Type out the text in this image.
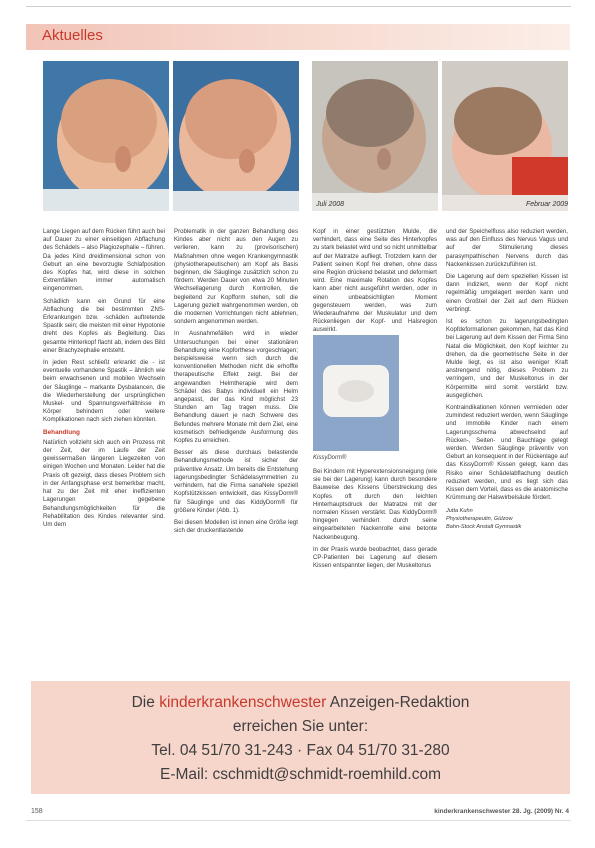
Aktuelles
Juli 2008	Februar 2009

Lange Liegen auf dem Rücken führt auch bei auf Dauer zu einer einseitigen Abflachung des Schädels – also Plagiozephalie – führen. Da jedes Kind dreidimensional schon von Geburt an eine bevorzugte Schlafposition des Kopfes hat, wird diese in solchen Extremfällen immer automatisch eingenommen.

Schädlich kann ein Grund für eine Abflachung die bei bestimmten ZNS-Erkrankungen bzw. -schäden auftretende Spastik sein; die meisten mit einer Hypotonie dreht des Kopfes als Begleitung. Das gesamte Hinterkopf flacht ab, indem des Bild einer Brachyzephalie entsteht.

In jeden Rest schließt erkrankt die - ist eventuelle vorhandene Spastik – ähnlich wie beim erwachsenen und mobilen Wechseln der Säuglinge – markante Dysbalancen, die die Wiederherstellung der ursprünglichen Muskel- und Spannungsverhältnisse im Körper behindern oder weitere Komplikationen nach sich ziehen könnten.

Behandlung

Natürlich vollzieht sich auch ein Prozess mit der Zeit, der im Laufe der Zeit gewissermaßen längeren Liegezeiten von einigen Wochen und Monaten. Leider hat die Praxis oft gezeigt, dass dieses Problem sich in der Anfangsphase erst bemerkbar macht, hat zu der Zeit mit eher ineffizienten Lagerungen gegebene Behandlungsmöglichkeiten für die Rehabilitation des Kindes relevanter sind. Um dem

Problematik in der ganzen Behandlung des Kindes aber nicht aus den Augen zu verlieren, kann zu (provisorischen) Maßnahmen ohne wegen Krankengymnastik (physiotherapeutischen) am Kopf als Basis beginnen, die Säuglinge zusätzlich schon zu fördern. Werden Dauer von etwa 20 Minuten Wechsellagerung durch Kontrollen, die begleitend zur Kopfform stehen, soll die Lagerung gezielt wahrgenommen werden, ob die modernen Vorrichtungen nicht ablehnen, sondern angenommen werden.

In Ausnahmefällen wird in wieder Untersuchungen bei einer stationären Behandlung eine Kopforthese vorgeschlagen; beispielsweise wenn sich durch die konventionellen Methoden nicht die erhoffte therapeutische Effekt zeigt. Bei der angewandten Helmtherapie wird dem Schädel des Babys individuell ein Helm angepasst, der das Kind möglichst 23 Stunden am Tag tragen muss. Die Behandlung dauert je nach Schwere des Befundes mehrere Monate mit dem Ziel, eine kosmetisch befriedigende Ausformung des Kopfes zu erreichen.

Besser als diese durchaus belastende Behandlungsmethode ist sicher der präventive Ansatz. Um bereits die Entstehung lagerungsbedingter Schädelasymmetrien zu verhindern, hat die Firma sanaNele speziell Kopfstützkissen entwickelt, das KissyDorm® für Säuglinge und das KiddyDorm® für größere Kinder (Abb. 1).

Bei diesen Modellen ist innen eine Größe legt sich der druckentlastende

Kopf in einer gestützten Mulde, die verhindert, dass eine Seite des Hinterkopfes zu stark belastet wird und so nicht unmittelbar auf der Matratze aufliegt. Trotzdem kann der Patient seinen Kopf frei drehen, ohne dass eine Region drückend belastet und deformiert wird. Eine maximale Rotation des Kopfes kann aber nicht ausgeführt werden, oder in einen unbeabsichtigten Moment gegensteuern werden, was zum Wiederaufnahme der Muskulatur und dem Rückenliegen der Kopf- und Halsregion auswirkt.

KissyDorm®

Bei Kindern mit Hyperextensionsneigung (wie sie bei der Lagerung) kann durch besondere Bauweise des Kissens Überstreckung des Kopfes oft durch den leichten Hinterhauptsdruck der Matratze mit der normalen Kissen verstärkt. Das KiddyDorm® hingegen verhindert durch seine eingearbeiteten Nackenrolle eine betonte Nackenbeugung.

In der Praxis wurde beobachtet, dass gerade CP-Patienten bei Lagerung auf diesem Kissen entspannter liegen, der Muskeltonus

und der Speichelfluss also reduziert werden, was auf den Einfluss des Nervus Vagus und auf der Stimulierung dieses parasympathischen Nervens durch das Nackenkissen zurückzuführen ist.

Die Lagerung auf dem speziellen Kissen ist dann indiziert, wenn der Kopf nicht regelmäßig umgelagert werden kann und einen Großteil der Zeit auf dem Rücken verbringt.

Ist es schon zu lagerungsbedingten Kopfdeformationen gekommen, hat das Kind bei Lagerung auf dem Kissen der Firma Sino Natal die Möglichkeit, den Kopf leichter zu drehen, da die geometrische Seite in der Mulde liegt, es ist also weniger Kraft anstrengend nötig, dieses Problem zu verringern, und der Muskeltonus in der Körpermitte wird somit verstärkt bzw. ausgeglichen.

Kontraindikationen können vermieden oder zumindest reduziert werden, wenn Säuglinge und immobile Kinder nach einem Lagerungsschema abwechselnd auf Rücken-, Seiten- und Bauchlage gelegt werden. Werden Säuglinge präventiv von Geburt an konsequent in der Rückenlage auf das KissyDorm® Kissen gelegt, kann das Risiko einer Schädelabflachung deutlich reduziert werden, und es liegt sich das Kissen dem Vorteil, dass es die anatomische Krümmung der Halswirbelsäule fördert.

Jutta Kuhn
Physiotherapeutin, Gülzow
Bahn-Stock Anstalt Gymnastik
Die kinderkrankenschwester Anzeigen-Redaktion
erreichen Sie unter:
Tel. 04 51/70 31-243 · Fax 04 51/70 31-280
E-Mail: cschmidt@schmidt-roemhild.com
158	kinderkrankenschwester 28. Jg. (2009) Nr. 4
